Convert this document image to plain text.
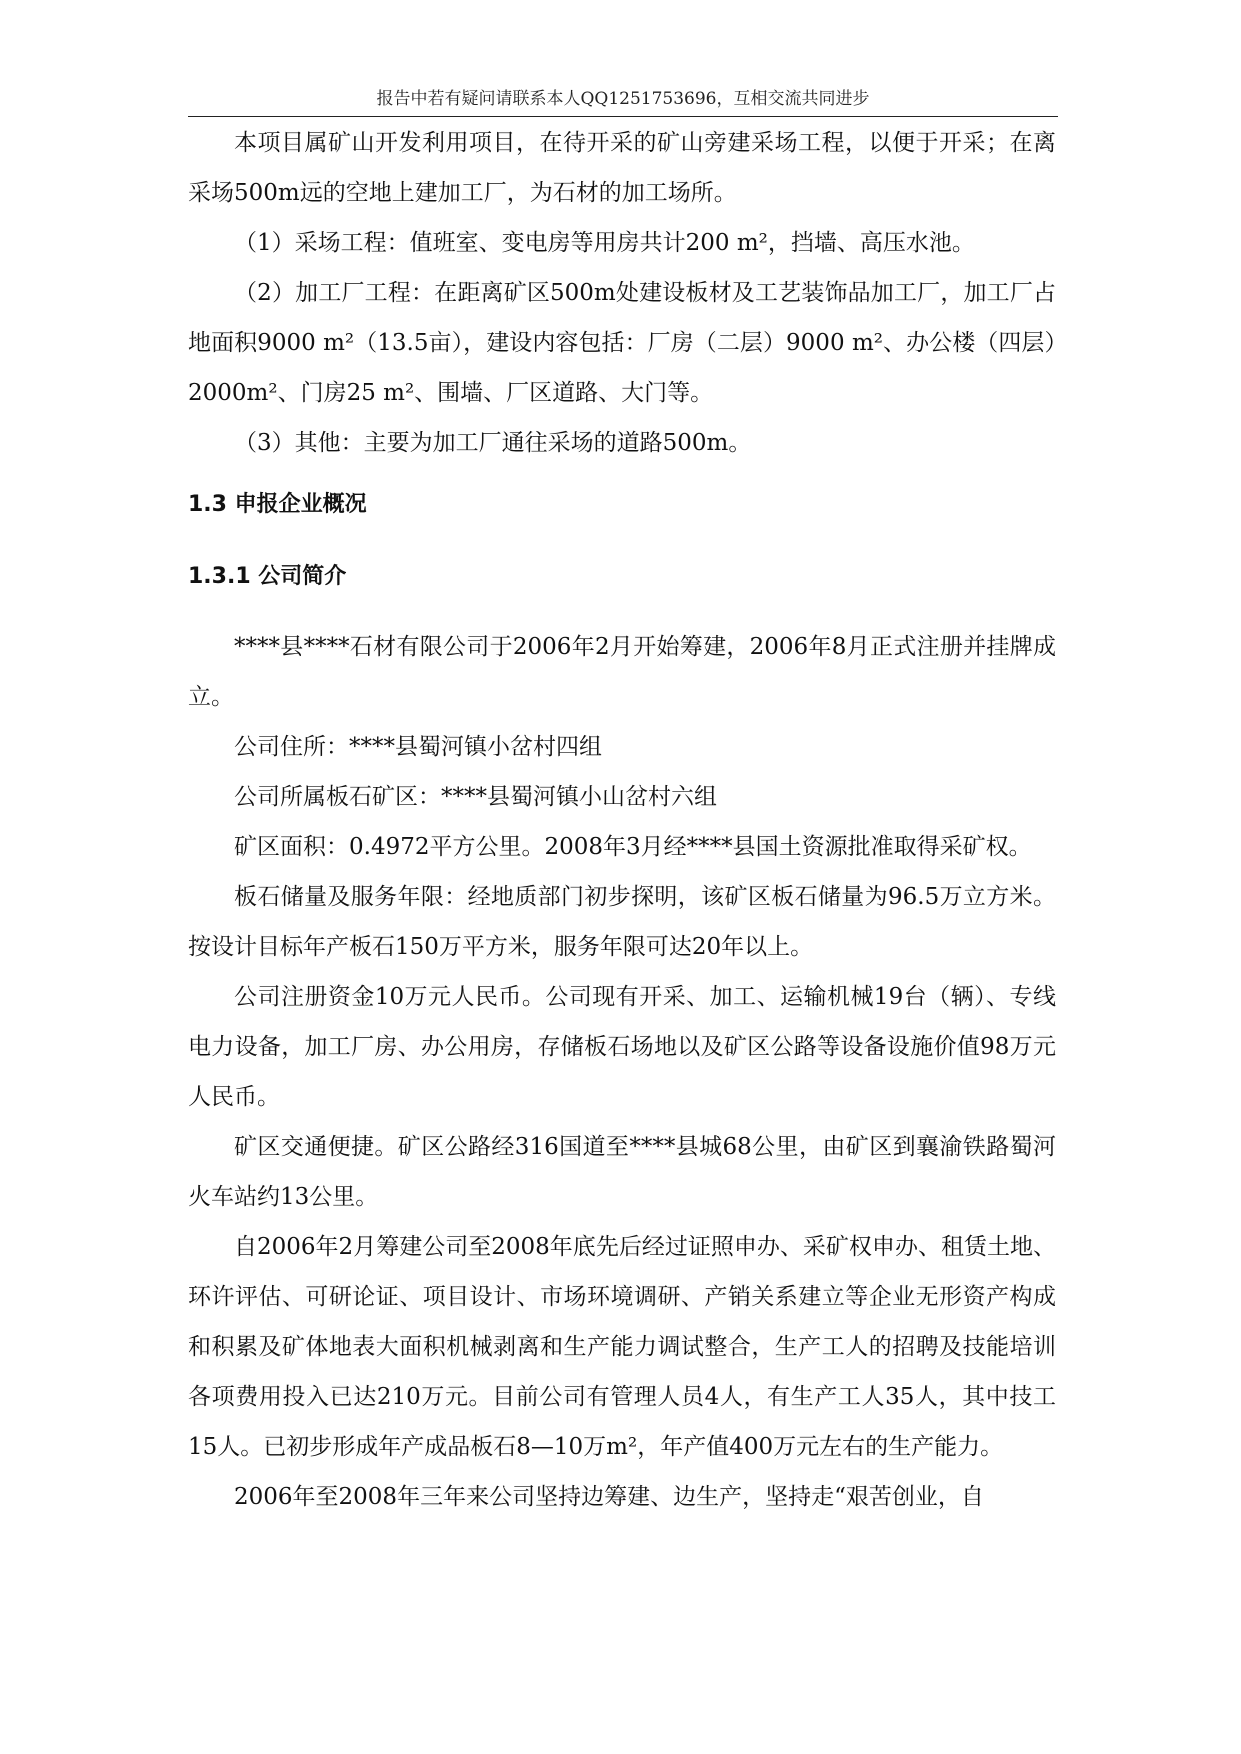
报告中若有疑问请联系本人QQ1251753696，互相交流共同进步

本项目属矿山开发利用项目，在待开采的矿山旁建采场工程，以便于开采；在离采场500m远的空地上建加工厂，为石材的加工场所。

（1）采场工程：值班室、变电房等用房共计200 m²，挡墙、高压水池。

（2）加工厂工程：在距离矿区500m处建设板材及工艺装饰品加工厂，加工厂占地面积9000 m²（13.5亩），建设内容包括：厂房（二层）9000 m²、办公楼（四层）2000m²、门房25 m²、围墙、厂区道路、大门等。

（3）其他：主要为加工厂通往采场的道路500m。

1.3 申报企业概况
1.3.1 公司简介

****县****石材有限公司于2006年2月开始筹建，2006年8月正式注册并挂牌成立。

公司住所：****县蜀河镇小岔村四组

公司所属板石矿区：****县蜀河镇小山岔村六组

矿区面积：0.4972平方公里。2008年3月经****县国土资源批准取得采矿权。

板石储量及服务年限：经地质部门初步探明，该矿区板石储量为96.5万立方米。按设计目标年产板石150万平方米，服务年限可达20年以上。

公司注册资金10万元人民币。公司现有开采、加工、运输机械19台（辆）、专线电力设备，加工厂房、办公用房，存储板石场地以及矿区公路等设备设施价值98万元人民币。

矿区交通便捷。矿区公路经316国道至****县城68公里，由矿区到襄渝铁路蜀河火车站约13公里。

自2006年2月筹建公司至2008年底先后经过证照申办、采矿权申办、租赁土地、环许评估、可研论证、项目设计、市场环境调研、产销关系建立等企业无形资产构成和积累及矿体地表大面积机械剥离和生产能力调试整合，生产工人的招聘及技能培训各项费用投入已达210万元。目前公司有管理人员4人，有生产工人35人，其中技工15人。已初步形成年产成品板石8—10万m²，年产值400万元左右的生产能力。

2006年至2008年三年来公司坚持边筹建、边生产，坚持走“艰苦创业，自
